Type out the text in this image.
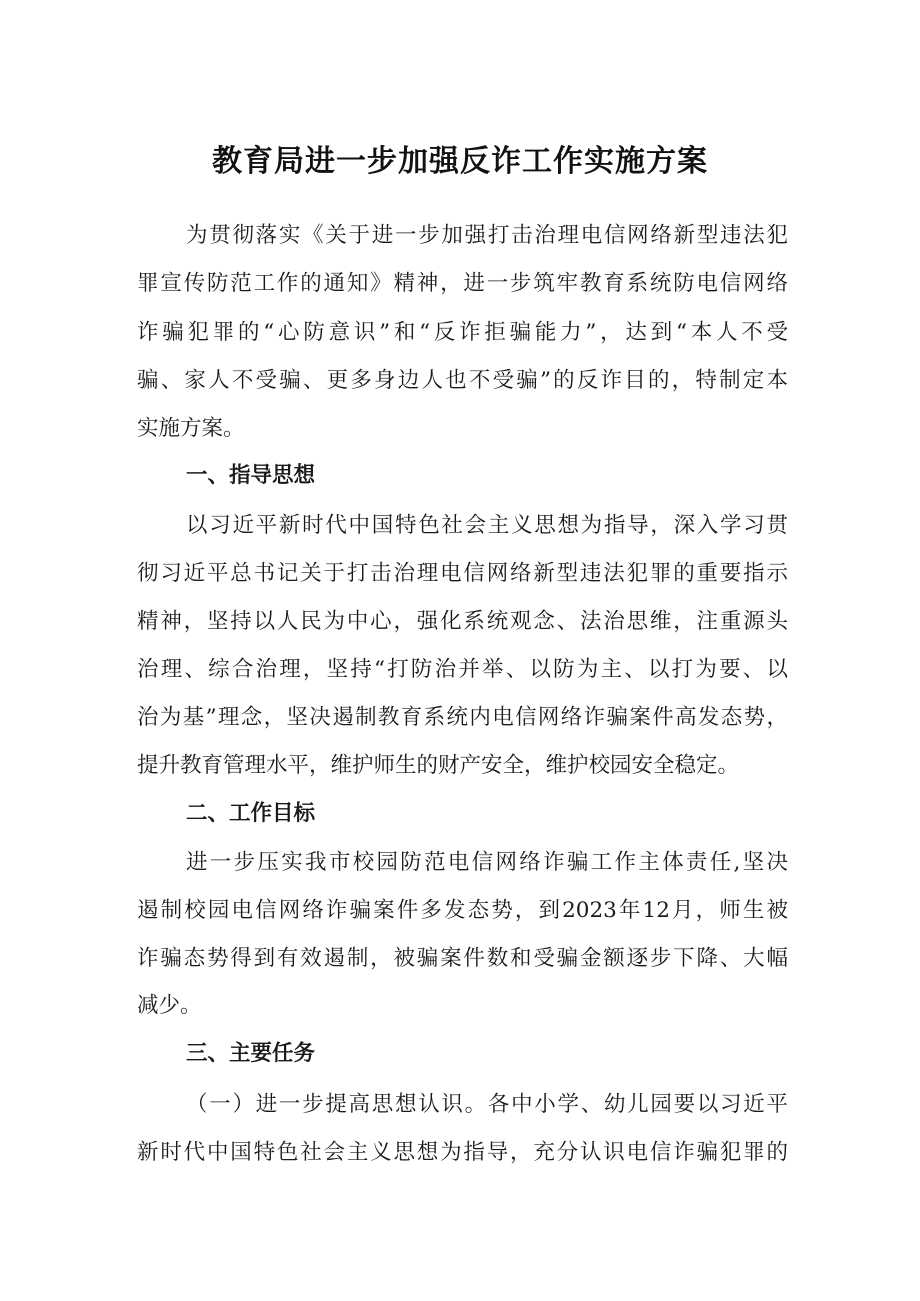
教育局进一步加强反诈工作实施方案
为贯彻落实《关于进一步加强打击治理电信网络新型违法犯
罪宣传防范工作的通知》精神，进一步筑牢教育系统防电信网络
诈骗犯罪的“心防意识”和“反诈拒骗能力”，达到“本人不受
骗、家人不受骗、更多身边人也不受骗”的反诈目的，特制定本
实施方案。
一、指导思想
以习近平新时代中国特色社会主义思想为指导，深入学习贯
彻习近平总书记关于打击治理电信网络新型违法犯罪的重要指示
精神，坚持以人民为中心，强化系统观念、法治思维，注重源头
治理、综合治理，坚持“打防治并举、以防为主、以打为要、以
治为基”理念，坚决遏制教育系统内电信网络诈骗案件高发态势，
提升教育管理水平，维护师生的财产安全，维护校园安全稳定。
二、工作目标
进一步压实我市校园防范电信网络诈骗工作主体责任,坚决
遏制校园电信网络诈骗案件多发态势，到2023年12月，师生被
诈骗态势得到有效遏制，被骗案件数和受骗金额逐步下降、大幅
减少。
三、主要任务
（一）进一步提高思想认识。各中小学、幼儿园要以习近平
新时代中国特色社会主义思想为指导，充分认识电信诈骗犯罪的
